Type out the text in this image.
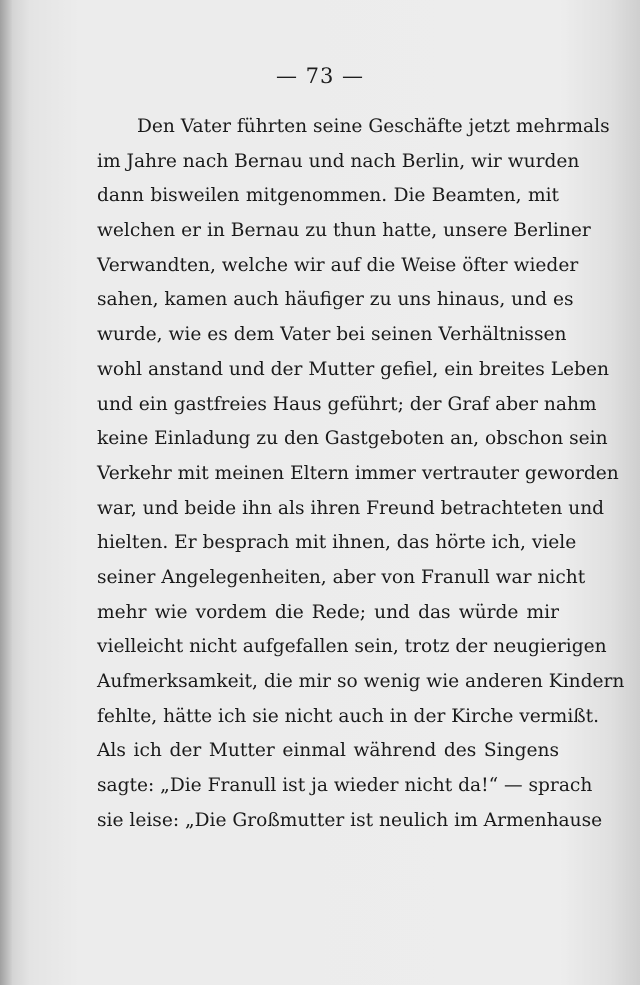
— 73 —
Den Vater führten seine Geschäfte jetzt mehrmals
im Jahre nach Bernau und nach Berlin, wir wurden
dann bisweilen mitgenommen. Die Beamten, mit
welchen er in Bernau zu thun hatte, unsere Berliner
Verwandten, welche wir auf die Weise öfter wieder
sahen, kamen auch häufiger zu uns hinaus, und es
wurde, wie es dem Vater bei seinen Verhältnissen
wohl anstand und der Mutter gefiel, ein breites Leben
und ein gastfreies Haus geführt; der Graf aber nahm
keine Einladung zu den Gastgeboten an, obschon sein
Verkehr mit meinen Eltern immer vertrauter geworden
war, und beide ihn als ihren Freund betrachteten und
hielten. Er besprach mit ihnen, das hörte ich, viele
seiner Angelegenheiten, aber von Franull war nicht
mehr wie vordem die Rede; und das würde mir
vielleicht nicht aufgefallen sein, trotz der neugierigen
Aufmerksamkeit, die mir so wenig wie anderen Kindern
fehlte, hätte ich sie nicht auch in der Kirche vermißt.
Als ich der Mutter einmal während des Singens
sagte: „Die Franull ist ja wieder nicht da!“ — sprach
sie leise: „Die Großmutter ist neulich im Armenhause
